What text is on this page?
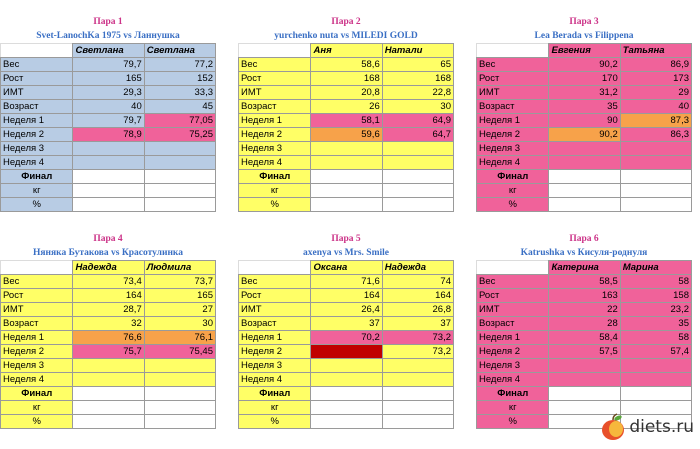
Пара 1
Svet-LanochKa 1975 vs Ланнушка
	Светлана	Светлана
Вес	79,7	77,2
Рост	165	152
ИМТ	29,3	33,3
Возраст	40	45
Неделя 1	79,7	77,05
Неделя 2	78,9	75,25
Неделя 3		
Неделя 4		
Финал		
кг		
%		
Пара 2
yurchenko nuta vs MILEDI GOLD
	Аня	Натали
Вес	58,6	65
Рост	168	168
ИМТ	20,8	22,8
Возраст	26	30
Неделя 1	58,1	64,9
Неделя 2	59,6	64,7
Неделя 3		
Неделя 4		
Финал		
кг		
%		
Пара 3
Lea Berada vs Filippena
	Евгения	Татьяна
Вес	90,2	86,9
Рост	170	173
ИМТ	31,2	29
Возраст	35	40
Неделя 1	90	87,3
Неделя 2	90,2	86,3
Неделя 3		
Неделя 4		
Финал		
кг		
%		
Пара 4
Няняка Бутакова vs Красотулинка
	Надежда	Людмила
Вес	73,4	73,7
Рост	164	165
ИМТ	28,7	27
Возраст	32	30
Неделя 1	76,6	76,1
Неделя 2	75,7	75,45
Неделя 3		
Неделя 4		
Финал		
кг		
%		
Пара 5
axenya vs Mrs. Smile
	Оксана	Надежда
Вес	71,6	74
Рост	164	164
ИМТ	26,4	26,8
Возраст	37	37
Неделя 1	70,2	73,2
Неделя 2		73,2
Неделя 3		
Неделя 4		
Финал		
кг		
%		
Пара 6
Katrushka vs Кисуля-роднуля
	Катерина	Марина
Вес	58,5	58
Рост	163	158
ИМТ	22	23,2
Возраст	28	35
Неделя 1	58,4	58
Неделя 2	57,5	57,4
Неделя 3		
Неделя 4		
Финал		
кг		
%			diets.ru
